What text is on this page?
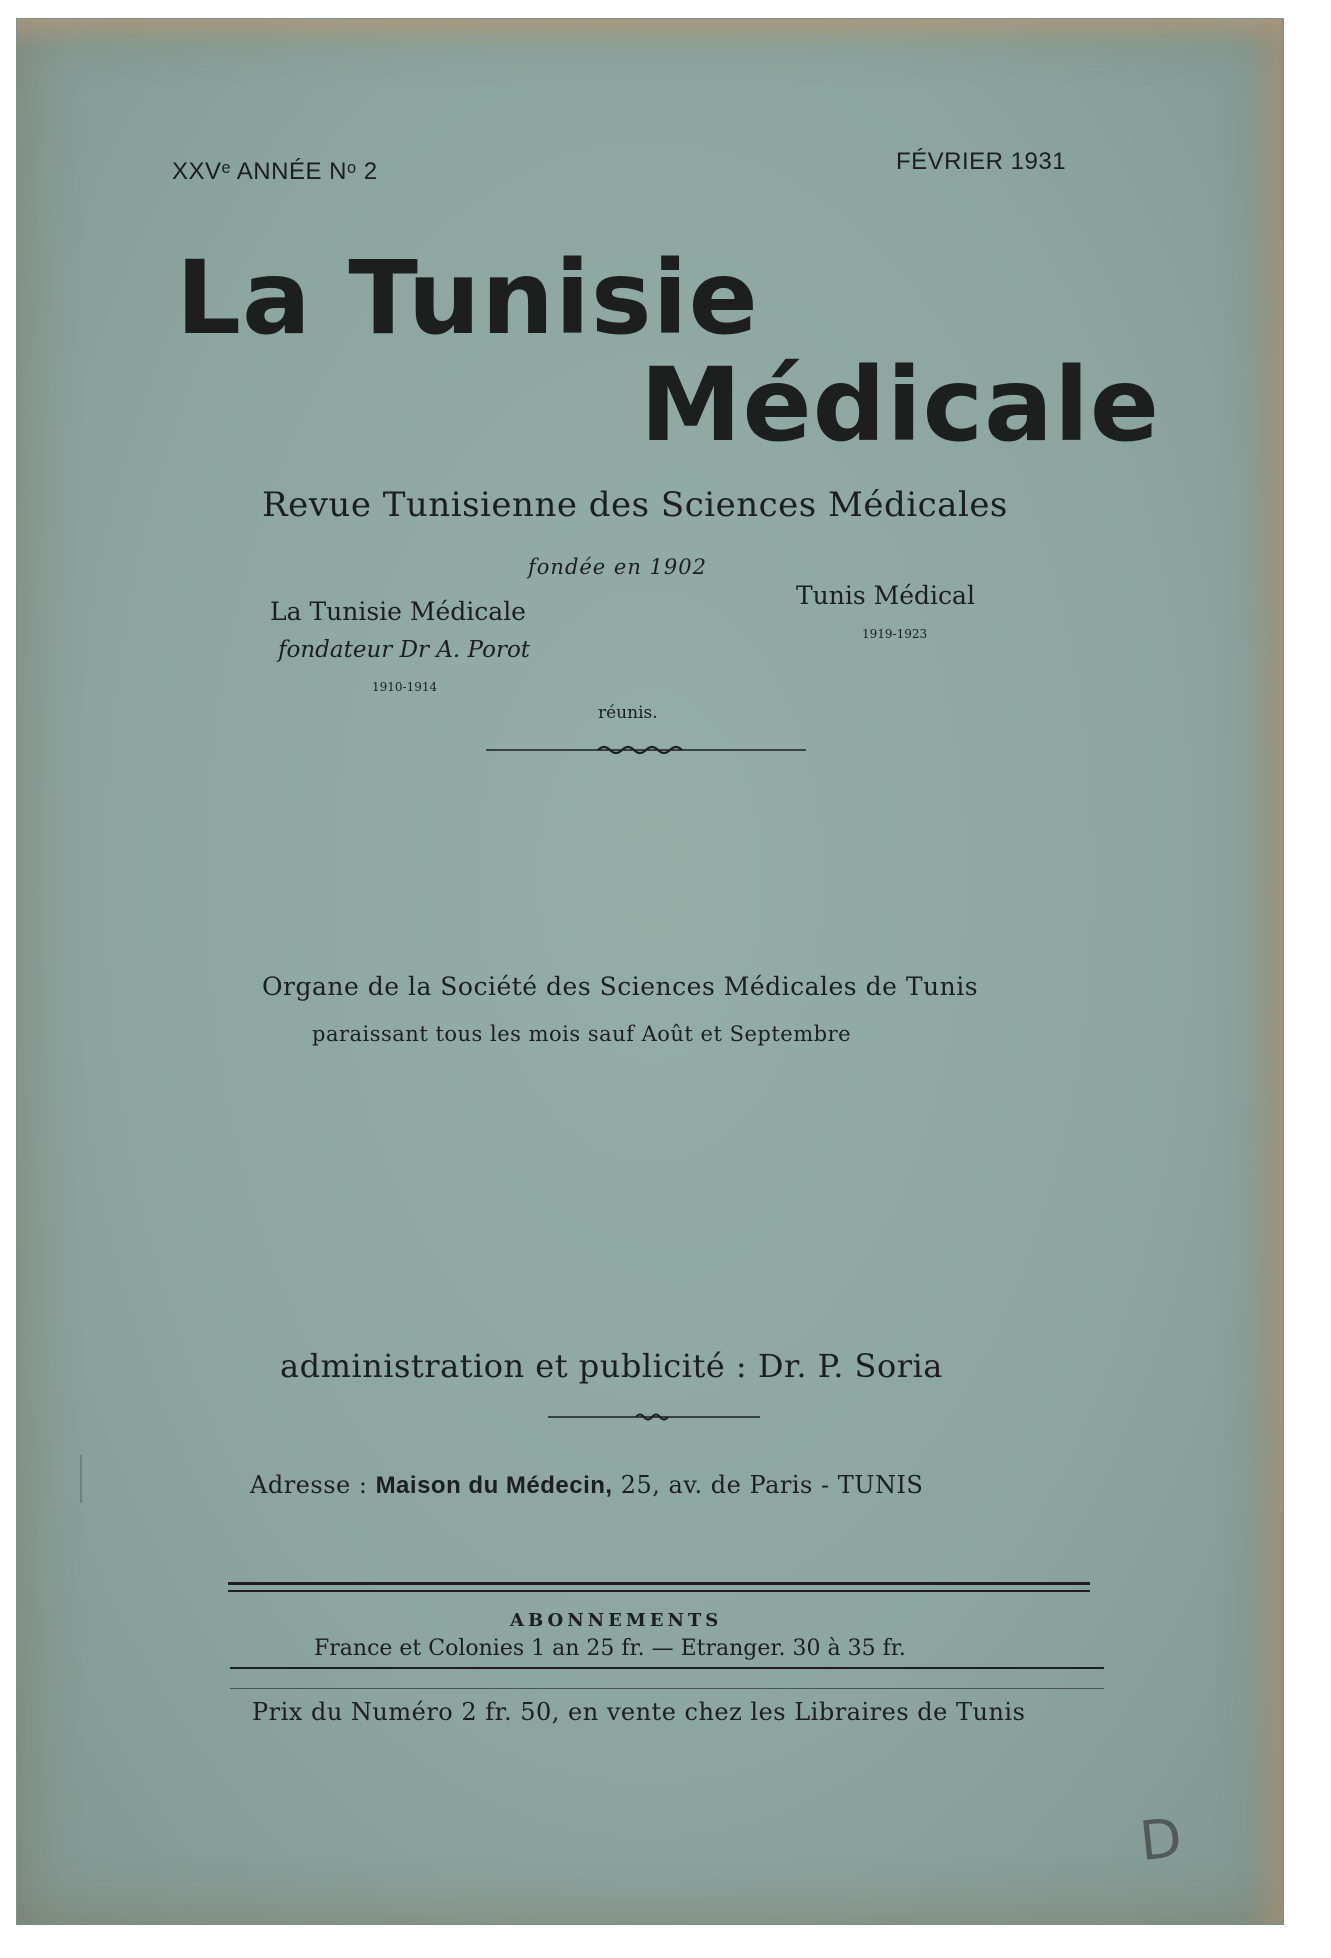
XXVᵉ ANNÉE Nᵒ 2	FÉVRIER 1931
La Tunisie
Médicale
Revue Tunisienne des Sciences Médicales
fondée en 1902
La Tunisie Médicale
fondateur Dr A. Porot
1910-1914
Tunis Médical
1919-1923
réunis.
Organe de la Société des Sciences Médicales de Tunis
paraissant tous les mois sauf Août et Septembre
administration et publicité : Dr. P. Soria
Adresse : Maison du Médecin, 25, av. de Paris - TUNIS
ABONNEMENTS
France et Colonies 1 an 25 fr. — Etranger. 30 à 35 fr.
Prix du Numéro 2 fr. 50, en vente chez les Libraires de Tunis
D
